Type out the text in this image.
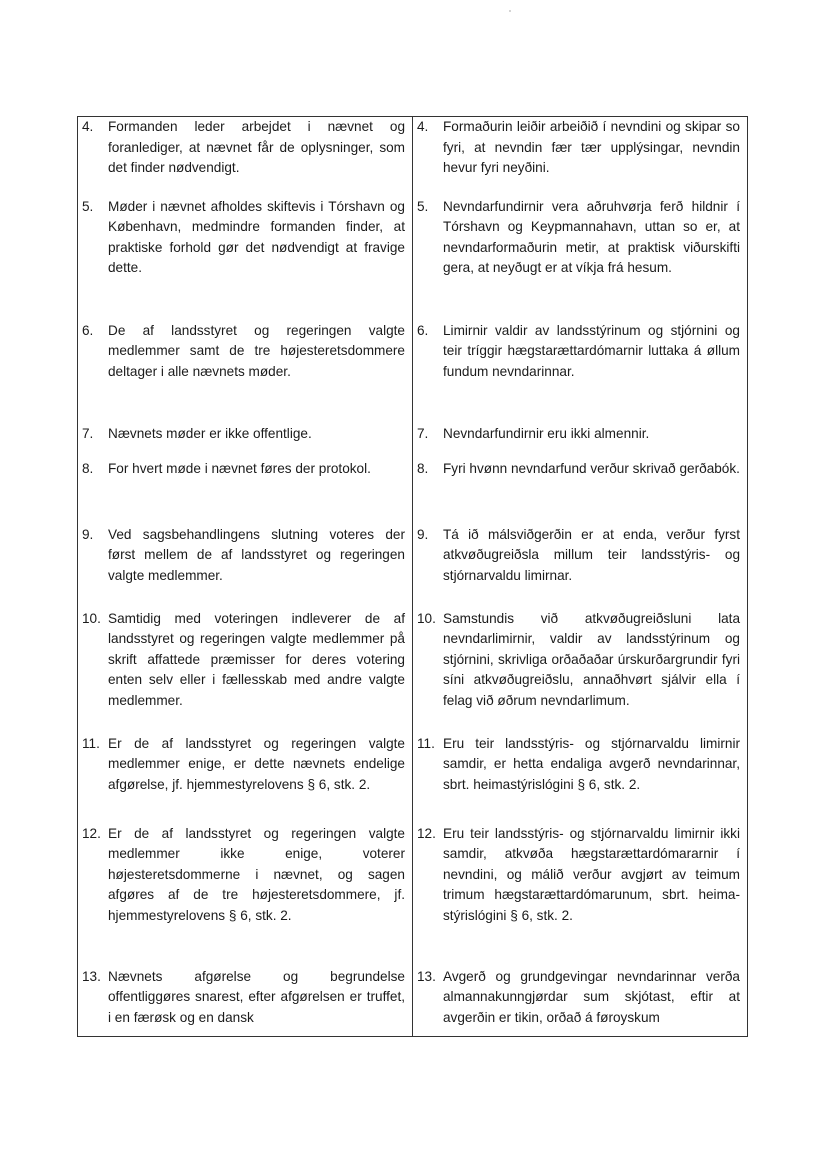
4. Formanden leder arbejdet i nævnet og foranlediger, at nævnet får de oplysninger, som det finder nødvendigt.	4. Formaðurin leiðir arbeiðið í nevndini og skipar so fyri, at nevndin fær tær upplýsingar, nevndin hevur fyri neyðini.

5. Møder i nævnet afholdes skiftevis i Tórshavn og København, medmindre formanden finder, at praktiske forhold gør det nødvendigt at fravige dette.	5. Nevndarfundirnir vera aðruhvørja ferð hildnir í Tórshavn og Keypmannahavn, uttan so er, at nevndarformaðurin metir, at praktisk viðurskifti gera, at neyðugt er at víkja frá hesum.

6. De af landsstyret og regeringen valgte medlemmer samt de tre højesteretsdommere deltager i alle nævnets møder.	6. Limirnir valdir av landsstýrinum og stjórnini og teir tríggir hægstarættardómarnir luttaka á øllum fundum nevndarinnar.

7. Nævnets møder er ikke offentlige.	7. Nevndarfundirnir eru ikki almennir.

8. For hvert møde i nævnet føres der protokol.	8. Fyri hvønn nevndarfund verður skrivað gerðabók.

9. Ved sagsbehandlingens slutning voteres der først mellem de af landsstyret og regeringen valgte medlemmer.	9. Tá ið málsviðgerðin er at enda, verður fyrst atkvøðugreiðsla millum teir landsstýris- og stjórnarvaldu limirnar.

10. Samtidig med voteringen indleverer de af landsstyret og regeringen valgte medlemmer på skrift affattede præmisser for deres votering enten selv eller i fællesskab med andre valgte medlemmer.	10. Samstundis við atkvøðugreiðsluni lata nevndarlimirnir, valdir av landsstýrinum og stjórnini, skrivliga orðaðaðar úrskurðargrundir fyri síni atkvøðugreiðslu, annaðhvørt sjálvir ella í felag við øðrum nevndarlimum.

11. Er de af landsstyret og regeringen valgte medlemmer enige, er dette nævnets endelige afgørelse, jf. hjemmestyrelovens § 6, stk. 2.	11. Eru teir landsstýris- og stjórnarvaldu limirnir samdir, er hetta endaliga avgerð nevndarinnar, sbrt. heimastýrislógini § 6, stk. 2.

12. Er de af landsstyret og regeringen valgte medlemmer ikke enige, voterer højesteretsdommerne i nævnet, og sagen afgøres af de tre højesteretsdommere, jf. hjemmestyrelovens § 6, stk. 2.	12. Eru teir landsstýris- og stjórnarvaldu limirnir ikki samdir, atkvøða hægstarættardómararnir í nevndini, og málið verður avgjørt av teimum trimum hægstarættardómarunum, sbrt. heima-stýrislógini § 6, stk. 2.

13. Nævnets afgørelse og begrundelse offentliggøres snarest, efter afgørelsen er truffet, i en færøsk og en dansk	13. Avgerð og grundgevingar nevndarinnar verða almannakunngjørdar sum skjótast, eftir at avgerðin er tikin, orðað á føroyskum
